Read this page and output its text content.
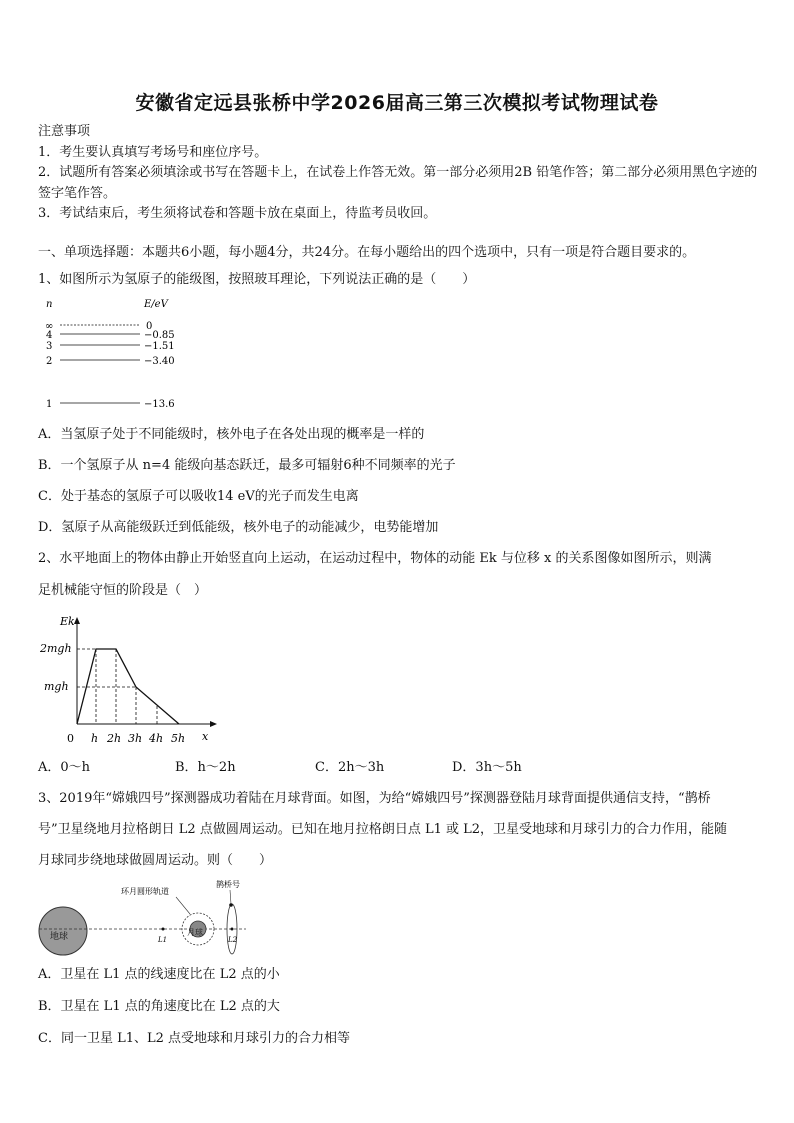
安徽省定远县张桥中学2026届高三第三次模拟考试物理试卷
注意事项
1．考生要认真填写考场号和座位序号。
2．试题所有答案必须填涂或书写在答题卡上，在试卷上作答无效。第一部分必须用2B 铅笔作答；第二部分必须用黑色字迹的签字笔作答。
3．考试结束后，考生须将试卷和答题卡放在桌面上，待监考员收回。
一、单项选择题：本题共6小题，每小题4分，共24分。在每小题给出的四个选项中，只有一项是符合题目要求的。
1、如图所示为氢原子的能级图，按照玻耳理论，下列说法正确的是（　　）
n	E/eV
∞	0
4	−0.85
3	−1.51
2	−3.40
1	−13.6
A．当氢原子处于不同能级时，核外电子在各处出现的概率是一样的
B．一个氢原子从 n=4 能级向基态跃迁，最多可辐射6种不同频率的光子
C．处于基态的氢原子可以吸收14 eV的光子而发生电离
D．氢原子从高能级跃迁到低能级，核外电子的动能减少，电势能增加
2、水平地面上的物体由静止开始竖直向上运动，在运动过程中，物体的动能 Ek 与位移 x 的关系图像如图所示，则满
足机械能守恒的阶段是（　）
Ek
x
0
2mgh
mgh
h 2h 3h 4h 5h
A．0～h	B．h～2h	C．2h～3h	D．3h～5h
3、2019年“嫦娥四号”探测器成功着陆在月球背面。如图，为给“嫦娥四号”探测器登陆月球背面提供通信支持，“鹊桥
号”卫星绕地月拉格朗日 L2 点做圆周运动。已知在地月拉格朗日点 L1 或 L2，卫星受地球和月球引力的合力作用，能随
月球同步绕地球做圆周运动。则（　　）
地球	L1
月球
环月圆形轨道
L2
鹊桥号
A．卫星在 L1 点的线速度比在 L2 点的小
B．卫星在 L1 点的角速度比在 L2 点的大
C．同一卫星 L1、L2 点受地球和月球引力的合力相等
